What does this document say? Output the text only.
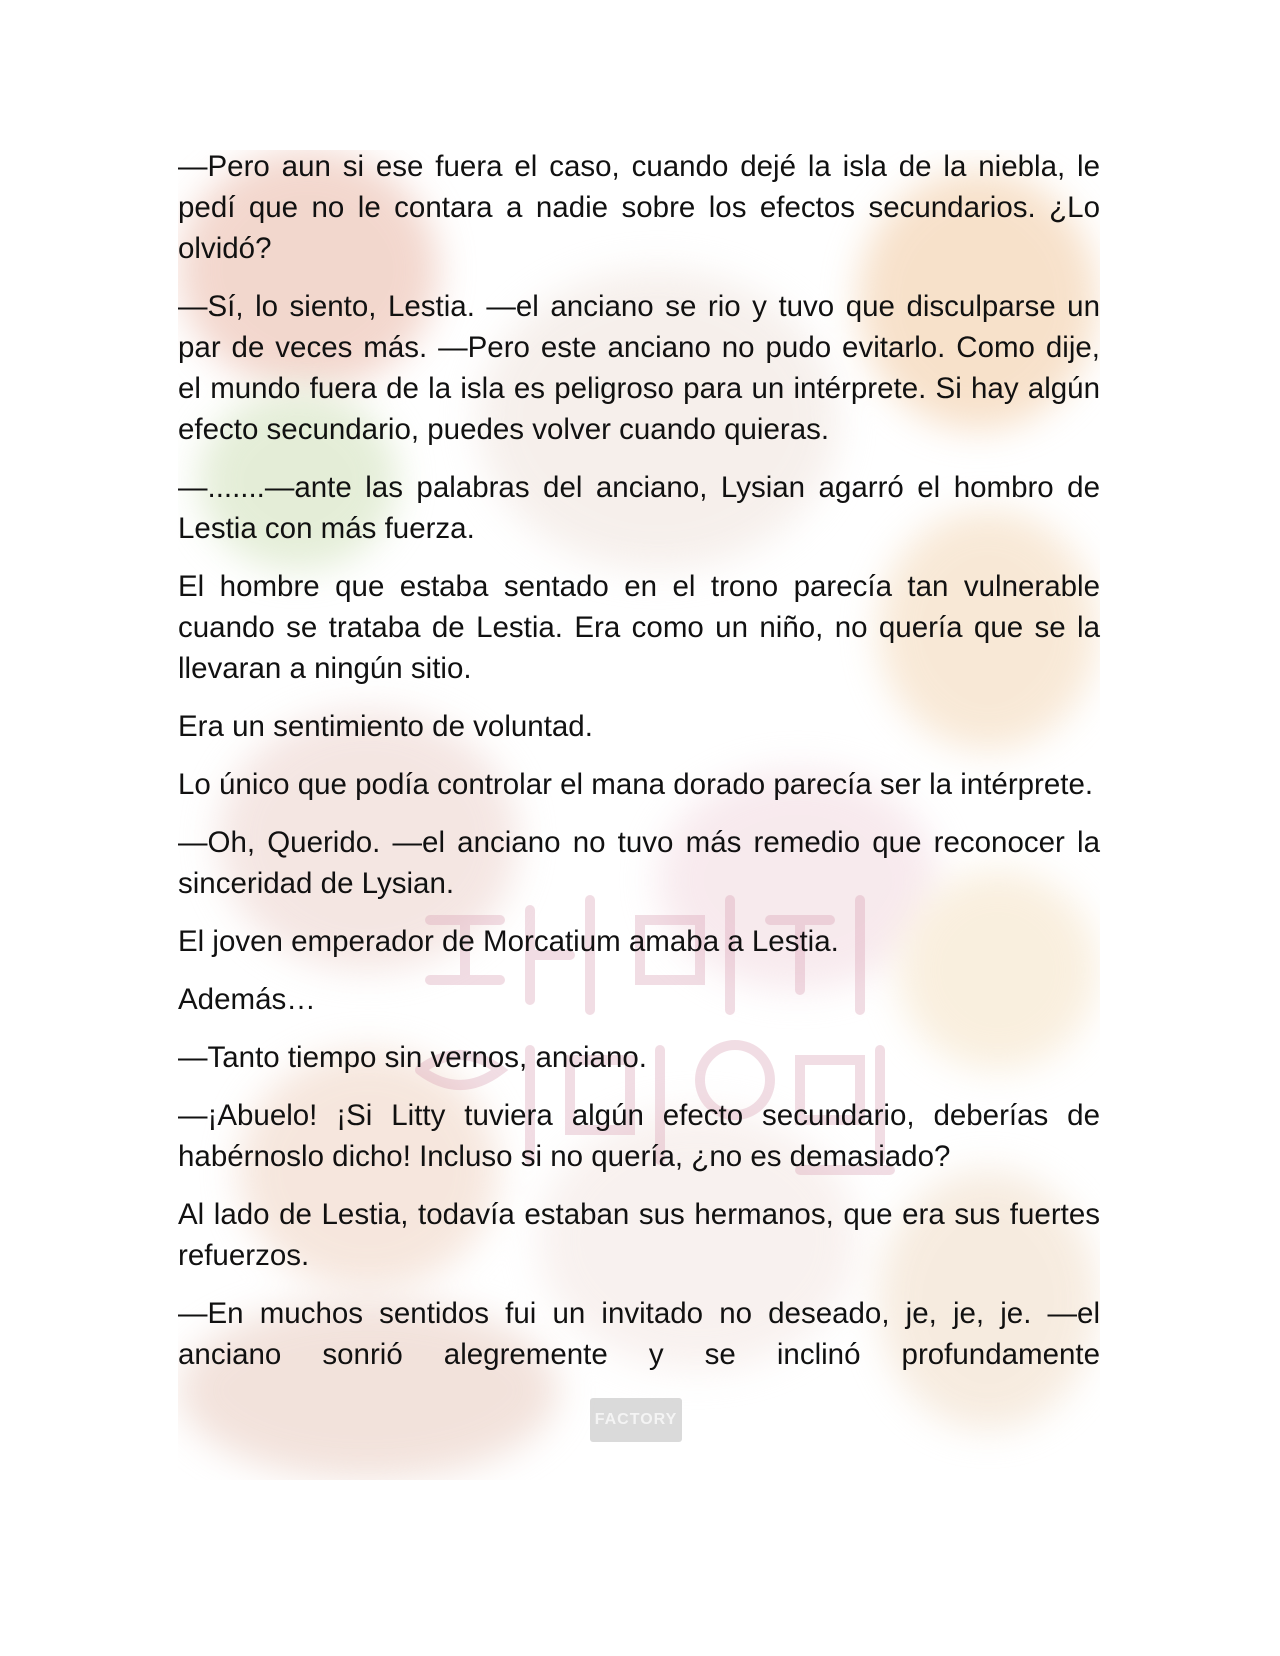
FACTORY

—Pero aun si ese fuera el caso, cuando dejé la isla de la niebla, le pedí que no le contara a nadie sobre los efectos secundarios. ¿Lo olvidó?

—Sí, lo siento, Lestia. —el anciano se rio y tuvo que disculparse un par de veces más. —Pero este anciano no pudo evitarlo. Como dije, el mundo fuera de la isla es peligroso para un intérprete. Si hay algún efecto secundario, puedes volver cuando quieras.

—.......—ante las palabras del anciano, Lysian agarró el hombro de Lestia con más fuerza.

El hombre que estaba sentado en el trono parecía tan vulnerable cuando se trataba de Lestia. Era como un niño, no quería que se la llevaran a ningún sitio.

Era un sentimiento de voluntad.

Lo único que podía controlar el mana dorado parecía ser la intérprete.

—Oh, Querido. —el anciano no tuvo más remedio que reconocer la sinceridad de Lysian.

El joven emperador de Morcatium amaba a Lestia.

Además…

—Tanto tiempo sin vernos, anciano.

—¡Abuelo! ¡Si Litty tuviera algún efecto secundario, deberías de habérnoslo dicho! Incluso si no quería, ¿no es demasiado?

Al lado de Lestia, todavía estaban sus hermanos, que era sus fuertes refuerzos.

—En muchos sentidos fui un invitado no deseado, je, je, je. —el anciano sonrió alegremente y se inclinó profundamente
